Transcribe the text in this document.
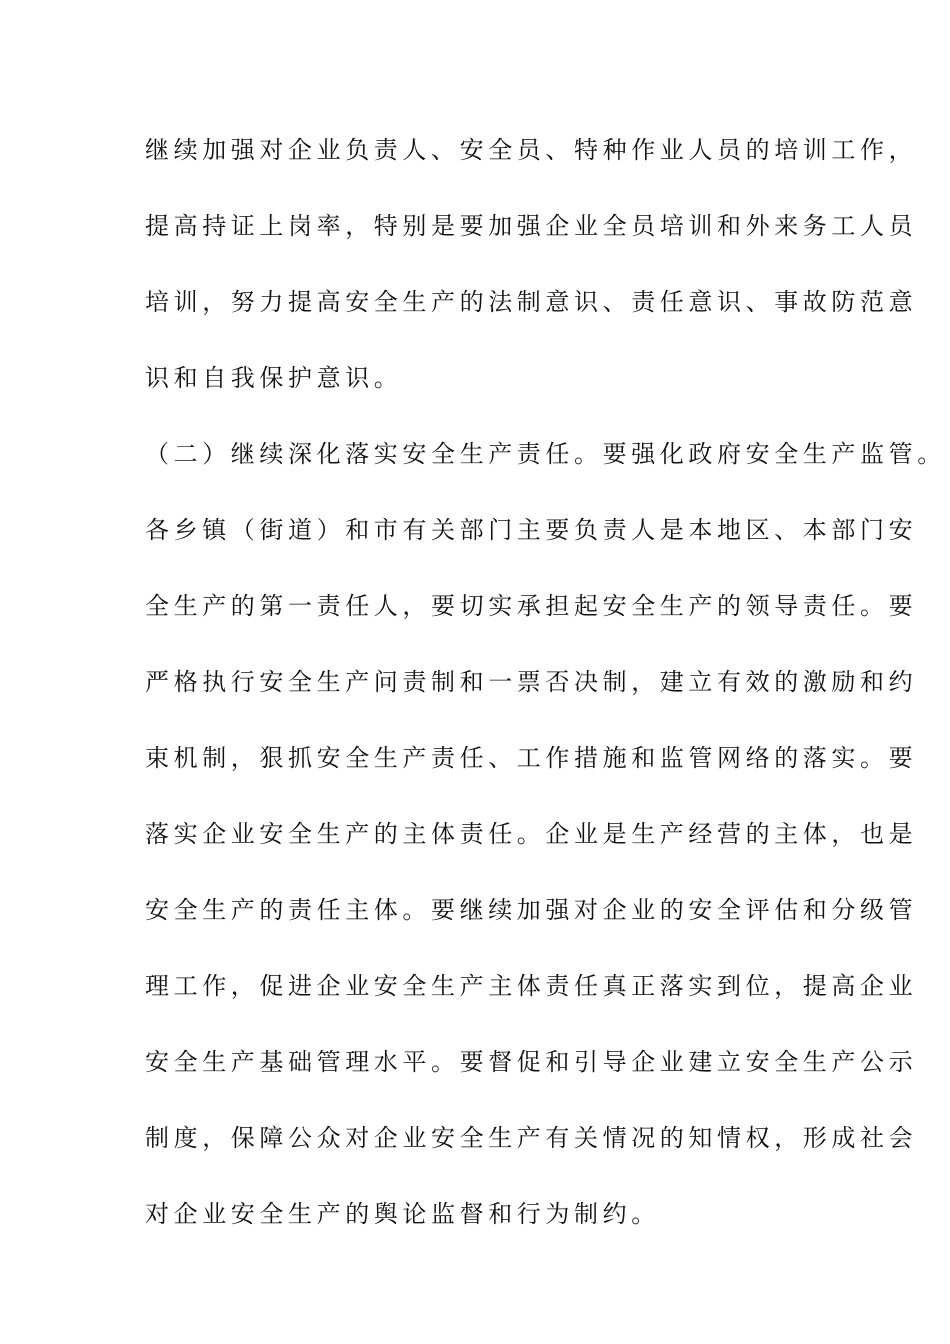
继续加强对企业负责人、安全员、特种作业人员的培训工作，
提高持证上岗率，特别是要加强企业全员培训和外来务工人员
培训，努力提高安全生产的法制意识、责任意识、事故防范意
识和自我保护意识。
（二）继续深化落实安全生产责任。要强化政府安全生产监管。
各乡镇（街道）和市有关部门主要负责人是本地区、本部门安
全生产的第一责任人，要切实承担起安全生产的领导责任。要
严格执行安全生产问责制和一票否决制，建立有效的激励和约
束机制，狠抓安全生产责任、工作措施和监管网络的落实。要
落实企业安全生产的主体责任。企业是生产经营的主体，也是
安全生产的责任主体。要继续加强对企业的安全评估和分级管
理工作，促进企业安全生产主体责任真正落实到位，提高企业
安全生产基础管理水平。要督促和引导企业建立安全生产公示
制度，保障公众对企业安全生产有关情况的知情权，形成社会
对企业安全生产的舆论监督和行为制约。
